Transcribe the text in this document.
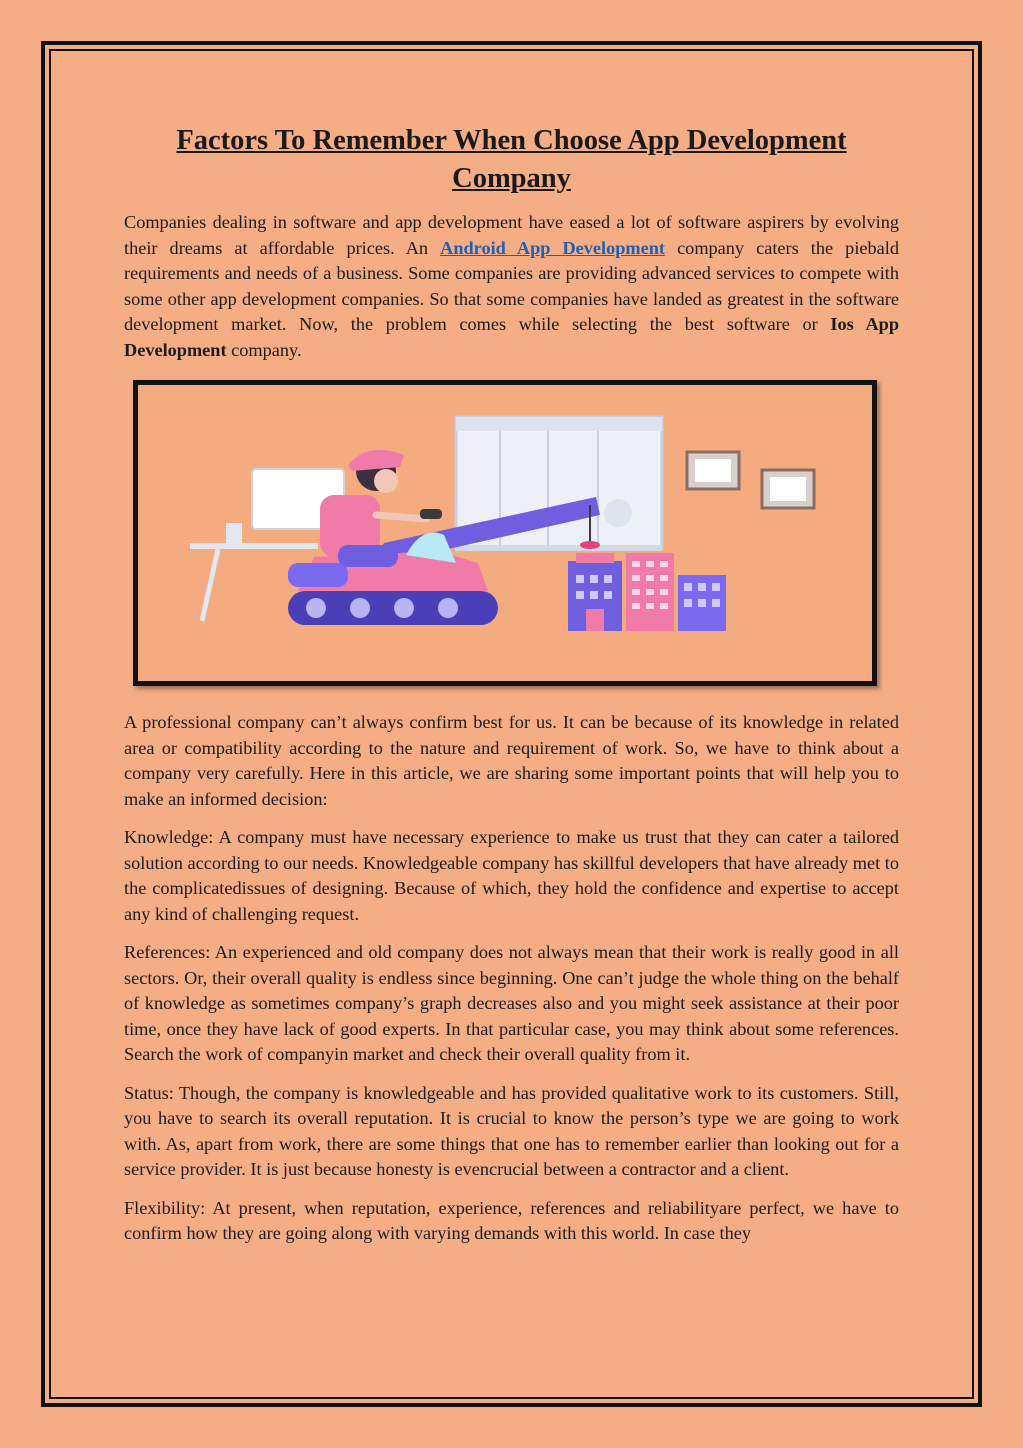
Factors To Remember When Choose App Development Company

Companies dealing in software and app development have eased a lot of software aspirers by evolving their dreams at affordable prices. An Android App Development company caters the piebald requirements and needs of a business. Some companies are providing advanced services to compete with some other app development companies. So that some companies have landed as greatest in the software development market. Now, the problem comes while selecting the best software or Ios App Development company.

A professional company can’t always confirm best for us. It can be because of its knowledge in related area or compatibility according to the nature and requirement of work. So, we have to think about a company very carefully. Here in this article, we are sharing some important points that will help you to make an informed decision:

Knowledge: A company must have necessary experience to make us trust that they can cater a tailored solution according to our needs. Knowledgeable company has skillful developers that have already met to the complicatedissues of designing. Because of which, they hold the confidence and expertise to accept any kind of challenging request.

References: An experienced and old company does not always mean that their work is really good in all sectors. Or, their overall quality is endless since beginning. One can’t judge the whole thing on the behalf of knowledge as sometimes company’s graph decreases also and you might seek assistance at their poor time, once they have lack of good experts. In that particular case, you may think about some references. Search the work of companyin market and check their overall quality from it.

Status: Though, the company is knowledgeable and has provided qualitative work to its customers. Still, you have to search its overall reputation. It is crucial to know the person’s type we are going to work with. As, apart from work, there are some things that one has to remember earlier than looking out for a service provider. It is just because honesty is evencrucial between a contractor and a client.

Flexibility: At present, when reputation, experience, references and reliabilityare perfect, we have to confirm how they are going along with varying demands with this world. In case they
